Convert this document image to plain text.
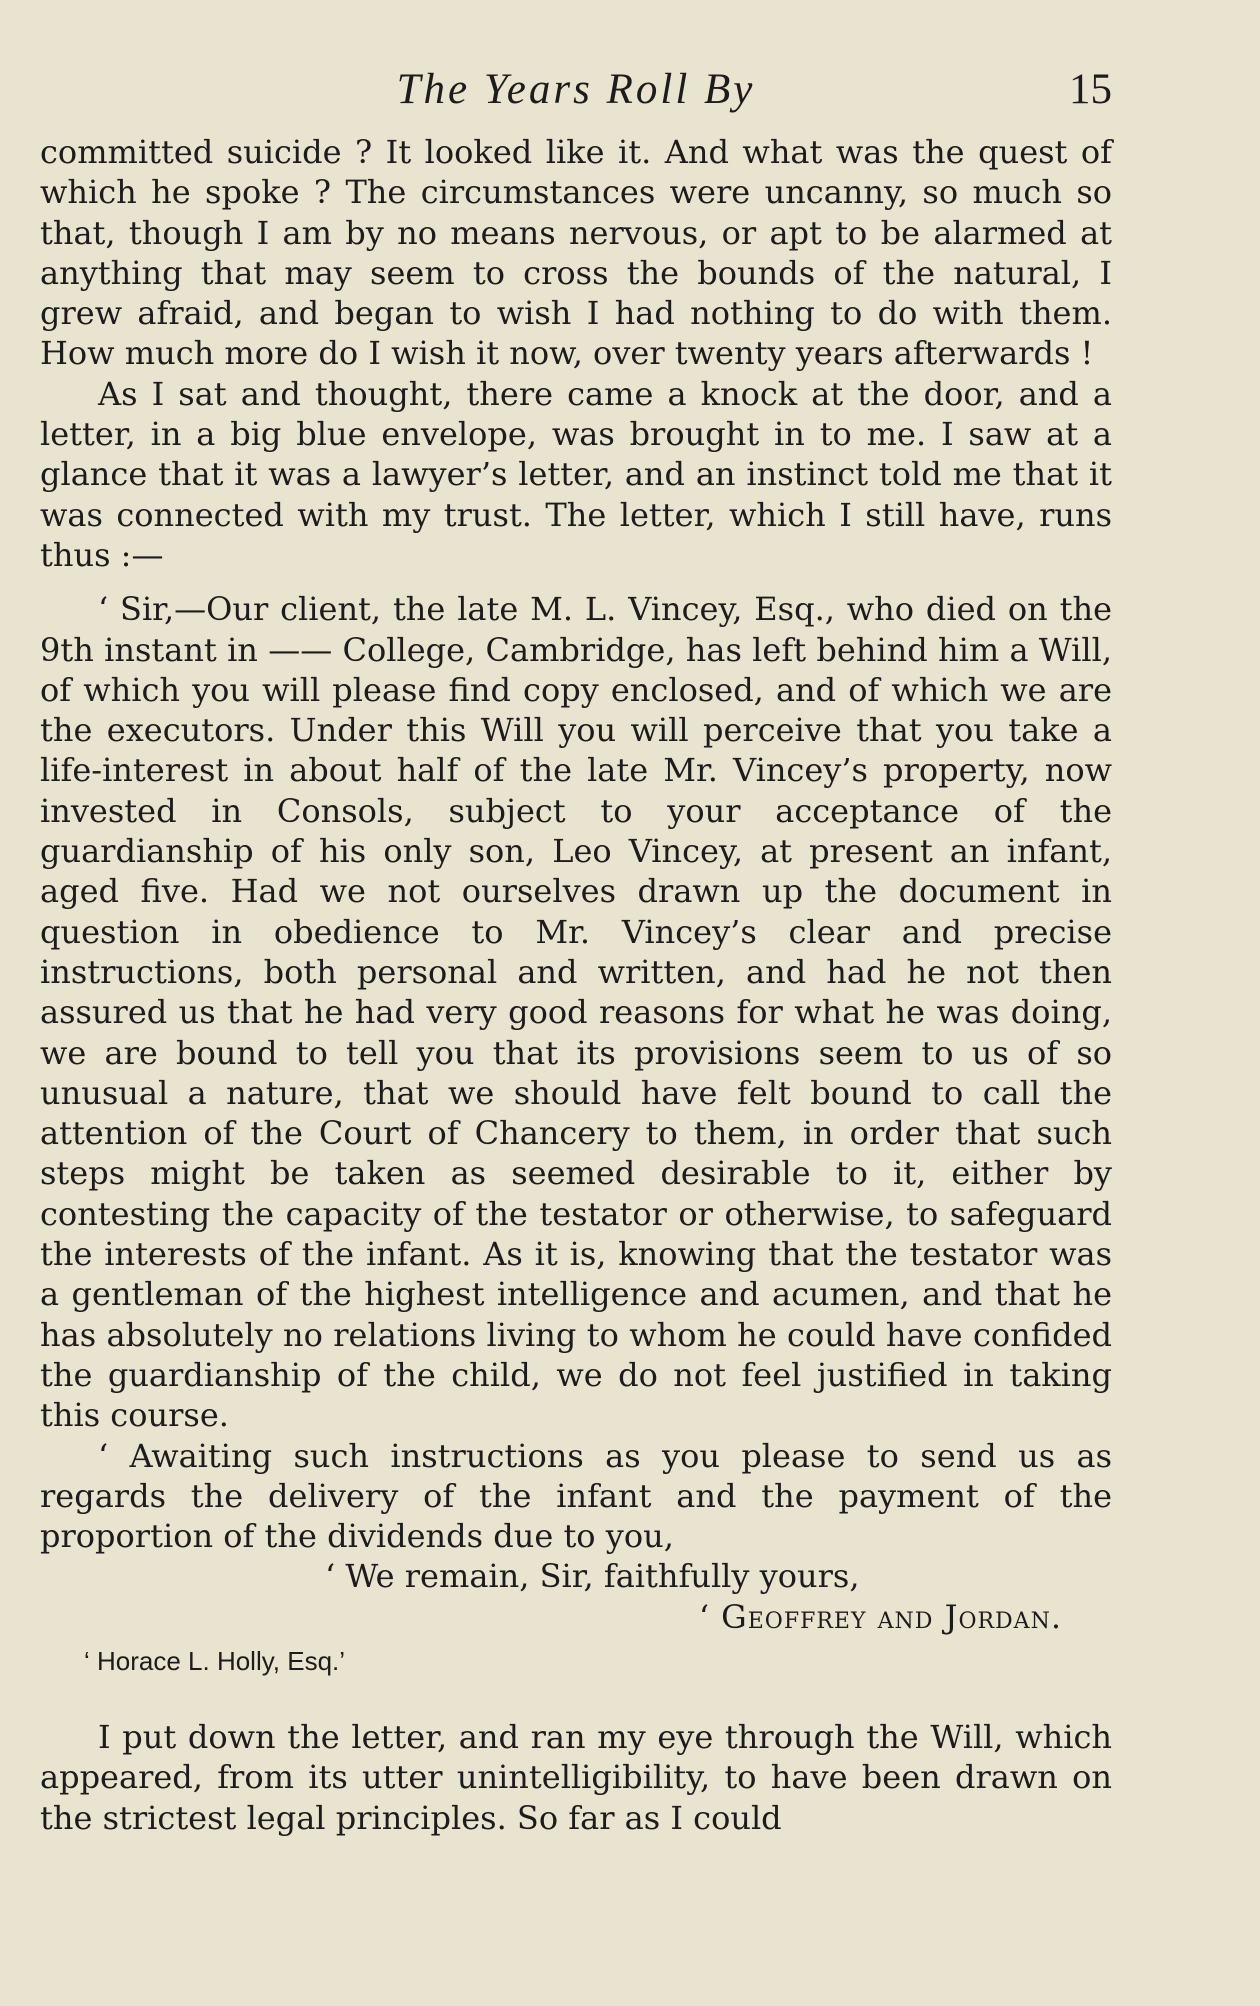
The Years Roll By	15

committed suicide ? It looked like it. And what was the quest of which he spoke ? The circumstances were uncanny, so much so that, though I am by no means nervous, or apt to be alarmed at anything that may seem to cross the bounds of the natural, I grew afraid, and began to wish I had nothing to do with them. How much more do I wish it now, over twenty years afterwards !

As I sat and thought, there came a knock at the door, and a letter, in a big blue envelope, was brought in to me. I saw at a glance that it was a lawyer’s letter, and an instinct told me that it was connected with my trust. The letter, which I still have, runs thus :—

‘ Sir,—Our client, the late M. L. Vincey, Esq., who died on the 9th instant in —— College, Cambridge, has left behind him a Will, of which you will please find copy enclosed, and of which we are the executors. Under this Will you will perceive that you take a life-interest in about half of the late Mr. Vincey’s property, now invested in Consols, subject to your acceptance of the guardianship of his only son, Leo Vincey, at present an infant, aged five. Had we not ourselves drawn up the document in question in obedience to Mr. Vincey’s clear and precise instructions, both personal and written, and had he not then assured us that he had very good reasons for what he was doing, we are bound to tell you that its provisions seem to us of so unusual a nature, that we should have felt bound to call the attention of the Court of Chancery to them, in order that such steps might be taken as seemed desirable to it, either by contesting the capacity of the testator or otherwise, to safeguard the interests of the infant. As it is, knowing that the testator was a gentleman of the highest intelligence and acumen, and that he has absolutely no relations living to whom he could have confided the guardianship of the child, we do not feel justified in taking this course.

‘ Awaiting such instructions as you please to send us as regards the delivery of the infant and the payment of the proportion of the dividends due to you,

‘ We remain, Sir, faithfully yours,
‘ Geoffrey and Jordan.
‘ Horace L. Holly, Esq.’

I put down the letter, and ran my eye through the Will, which appeared, from its utter unintelligibility, to have been drawn on the strictest legal principles. So far as I could
